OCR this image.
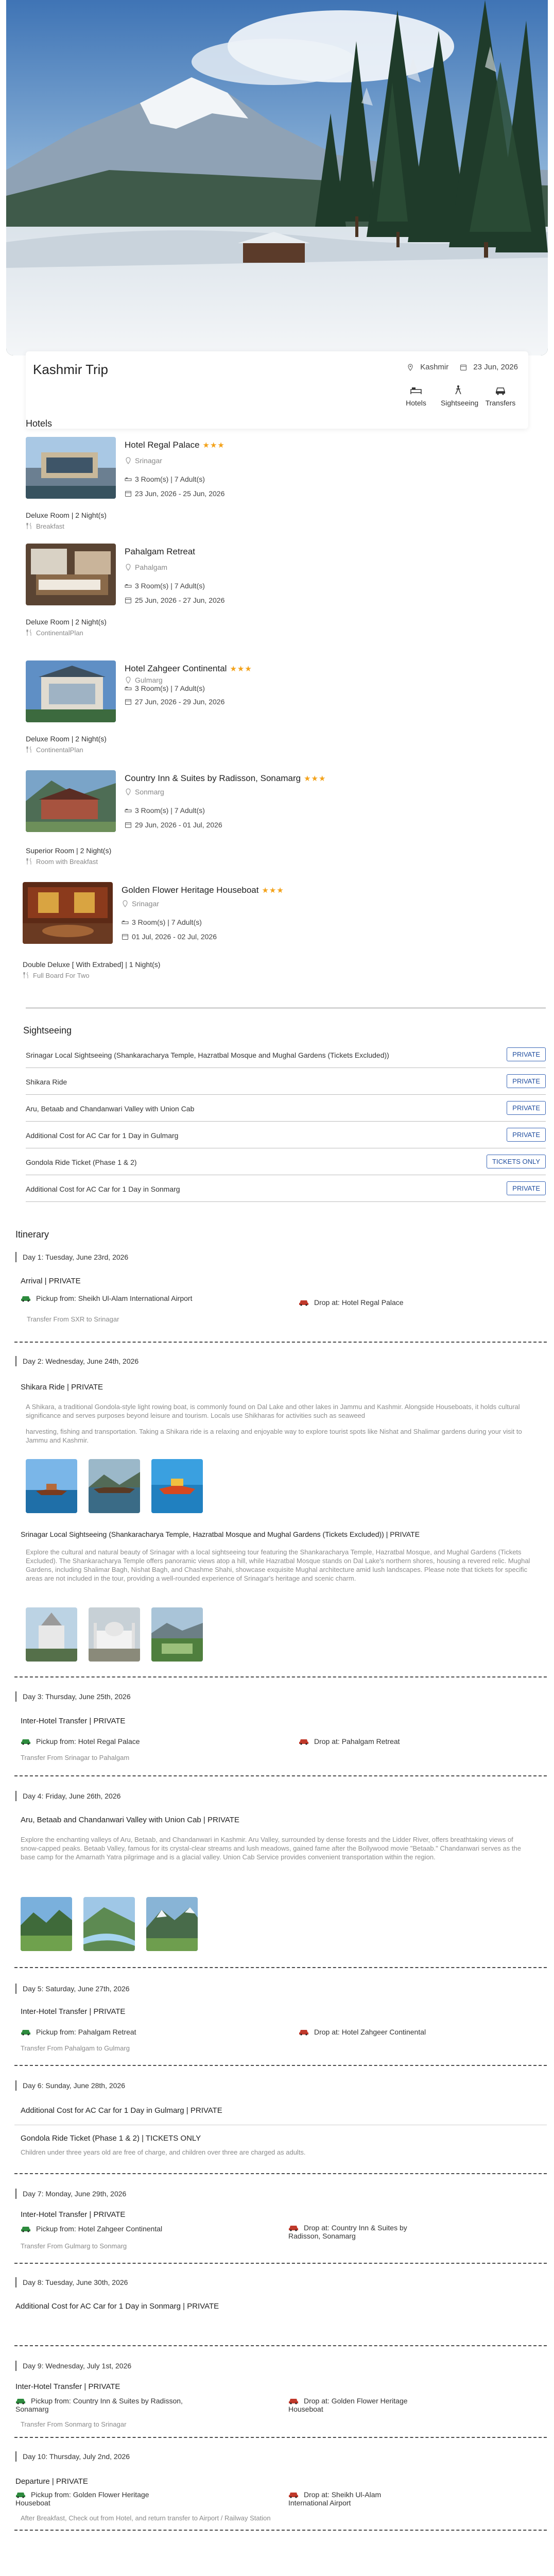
Kashmir Trip	Kashmir	23 Jun, 2026
Hotels	Sightseeing Transfers
Hotels
Hotel Regal Palace ★★★
Srinagar
3 Room(s) | 7 Adult(s)
23 Jun, 2026 - 25 Jun, 2026
Deluxe Room | 2 Night(s)
Breakfast
Pahalgam Retreat
Pahalgam
3 Room(s) | 7 Adult(s)
25 Jun, 2026 - 27 Jun, 2026
Deluxe Room | 2 Night(s)
ContinentalPlan
Hotel Zahgeer Continental ★★★
Gulmarg
3 Room(s) | 7 Adult(s)
27 Jun, 2026 - 29 Jun, 2026
Deluxe Room | 2 Night(s)
ContinentalPlan
Country Inn & Suites by Radisson, Sonamarg ★★★
Sonmarg
3 Room(s) | 7 Adult(s)
29 Jun, 2026 - 01 Jul, 2026
Superior Room | 2 Night(s)
Room with Breakfast
Golden Flower Heritage Houseboat ★★★
Srinagar
3 Room(s) | 7 Adult(s)
01 Jul, 2026 - 02 Jul, 2026
Double Deluxe [ With Extrabed] | 1 Night(s)
Full Board For Two
Sightseeing
Srinagar Local Sightseeing (Shankaracharya Temple, Hazratbal Mosque and Mughal Gardens (Tickets Excluded))	PRIVATE
Shikara Ride	PRIVATE
Aru, Betaab and Chandanwari Valley with Union Cab	PRIVATE
Additional Cost for AC Car for 1 Day in Gulmarg	PRIVATE
Gondola Ride Ticket (Phase 1 & 2)	TICKETS ONLY
Additional Cost for AC Car for 1 Day in Sonmarg	PRIVATE
Itinerary
Day 1: Tuesday, June 23rd, 2026
Arrival | PRIVATE
Pickup from: Sheikh Ul-Alam International Airport	Drop at: Hotel Regal Palace
Transfer From SXR to Srinagar
Day 2: Wednesday, June 24th, 2026
Shikara Ride | PRIVATE
A Shikara, a traditional Gondola-style light rowing boat, is commonly found on Dal Lake and other lakes in Jammu and Kashmir. Alongside Houseboats, it holds cultural significance and serves purposes beyond leisure and tourism. Locals use Shikharas for activities such as seaweed
harvesting, fishing and transportation. Taking a Shikara ride is a relaxing and enjoyable way to explore tourist spots like Nishat and Shalimar gardens during your visit to Jammu and Kashmir.
Srinagar Local Sightseeing (Shankaracharya Temple, Hazratbal Mosque and Mughal Gardens (Tickets Excluded)) | PRIVATE
Explore the cultural and natural beauty of Srinagar with a local sightseeing tour featuring the Shankaracharya Temple, Hazratbal Mosque, and Mughal Gardens (Tickets Excluded). The Shankaracharya Temple offers panoramic views atop a hill, while Hazratbal Mosque stands on Dal Lake's northern shores, housing a revered relic. Mughal Gardens, including Shalimar Bagh, Nishat Bagh, and Chashme Shahi, showcase exquisite Mughal architecture amid lush landscapes. Please note that tickets for specific areas are not included in the tour, providing a well-rounded experience of Srinagar's heritage and scenic charm.
Day 3: Thursday, June 25th, 2026
Inter-Hotel Transfer | PRIVATE
Pickup from: Hotel Regal Palace	Drop at: Pahalgam Retreat
Transfer From Srinagar to Pahalgam
Day 4: Friday, June 26th, 2026
Aru, Betaab and Chandanwari Valley with Union Cab | PRIVATE
Explore the enchanting valleys of Aru, Betaab, and Chandanwari in Kashmir. Aru Valley, surrounded by dense forests and the Lidder River, offers breathtaking views of snow-capped peaks. Betaab Valley, famous for its crystal-clear streams and lush meadows, gained fame after the Bollywood movie "Betaab." Chandanwari serves as the base camp for the Amarnath Yatra pilgrimage and is a glacial valley. Union Cab Service provides convenient transportation within the region.
Day 5: Saturday, June 27th, 2026
Inter-Hotel Transfer | PRIVATE
Pickup from: Pahalgam Retreat	Drop at: Hotel Zahgeer Continental
Transfer From Pahalgam to Gulmarg
Day 6: Sunday, June 28th, 2026
Additional Cost for AC Car for 1 Day in Gulmarg | PRIVATE
Gondola Ride Ticket (Phase 1 & 2) | TICKETS ONLY
Children under three years old are free of charge, and children over three are charged as adults.
Day 7: Monday, June 29th, 2026
Inter-Hotel Transfer | PRIVATE
Pickup from: Hotel Zahgeer Continental	Drop at: Country Inn & Suites by Radisson, Sonamarg
Transfer From Gulmarg to Sonmarg
Day 8: Tuesday, June 30th, 2026
Additional Cost for AC Car for 1 Day in Sonmarg | PRIVATE
Day 9: Wednesday, July 1st, 2026
Inter-Hotel Transfer | PRIVATE
Pickup from: Country Inn & Suites by Radisson, Sonamarg
Drop at: Golden Flower Heritage Houseboat
Transfer From Sonmarg to Srinagar
Day 10: Thursday, July 2nd, 2026
Departure | PRIVATE
Pickup from: Golden Flower Heritage Houseboat
Drop at: Sheikh Ul-Alam International Airport
After Breakfast, Check out from Hotel, and return transfer to Airport / Railway Station
